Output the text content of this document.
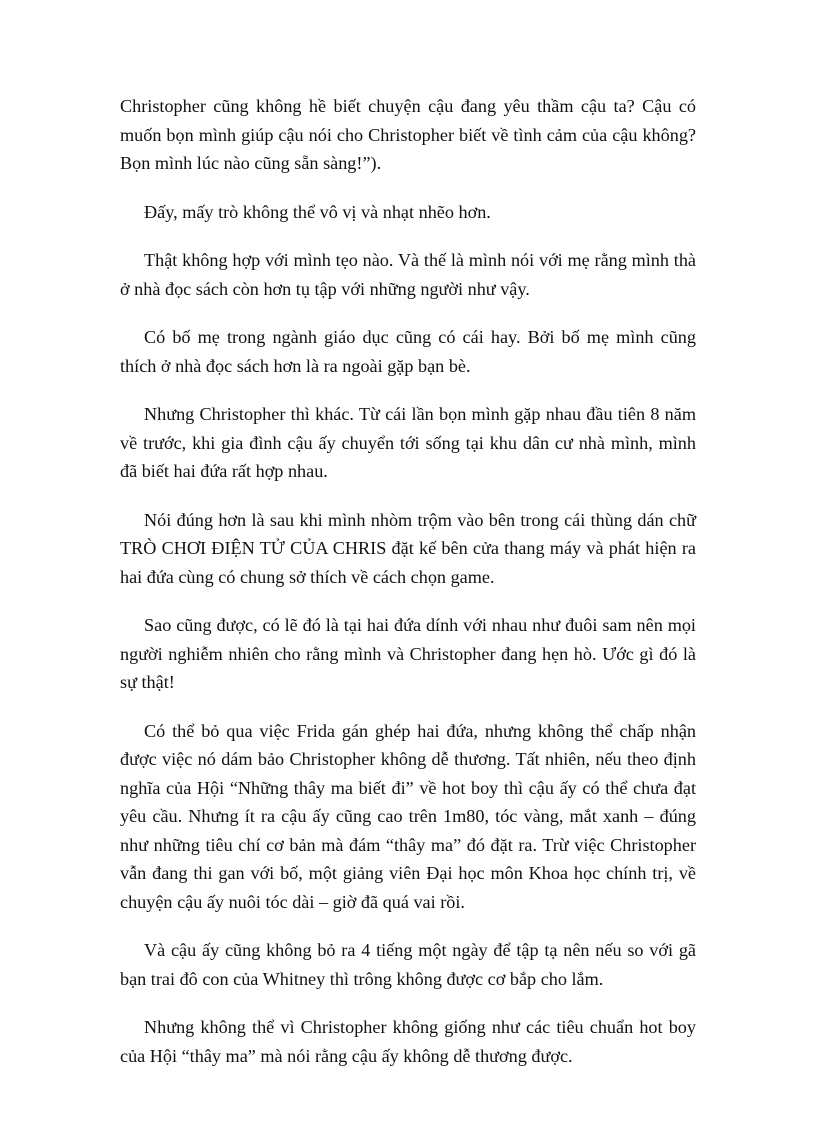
Christopher cũng không hề biết chuyện cậu đang yêu thầm cậu ta? Cậu có muốn bọn mình giúp cậu nói cho Christopher biết về tình cảm của cậu không? Bọn mình lúc nào cũng sẵn sàng!”).

Đấy, mấy trò không thể vô vị và nhạt nhẽo hơn.

Thật không hợp với mình tẹo nào. Và thế là mình nói với mẹ rằng mình thà ở nhà đọc sách còn hơn tụ tập với những người như vậy.

Có bố mẹ trong ngành giáo dục cũng có cái hay. Bởi bố mẹ mình cũng thích ở nhà đọc sách hơn là ra ngoài gặp bạn bè.

Nhưng Christopher thì khác. Từ cái lần bọn mình gặp nhau đầu tiên 8 năm về trước, khi gia đình cậu ấy chuyển tới sống tại khu dân cư nhà mình, mình đã biết hai đứa rất hợp nhau.

Nói đúng hơn là sau khi mình nhòm trộm vào bên trong cái thùng dán chữ TRÒ CHƠI ĐIỆN TỬ CỦA CHRIS đặt kế bên cửa thang máy và phát hiện ra hai đứa cùng có chung sở thích về cách chọn game.

Sao cũng được, có lẽ đó là tại hai đứa dính với nhau như đuôi sam nên mọi người nghiễm nhiên cho rằng mình và Christopher đang hẹn hò. Ước gì đó là sự thật!

Có thể bỏ qua việc Frida gán ghép hai đứa, nhưng không thể chấp nhận được việc nó dám bảo Christopher không dễ thương. Tất nhiên, nếu theo định nghĩa của Hội “Những thây ma biết đi” về hot boy thì cậu ấy có thể chưa đạt yêu cầu. Nhưng ít ra cậu ấy cũng cao trên 1m80, tóc vàng, mắt xanh – đúng như những tiêu chí cơ bản mà đám “thây ma” đó đặt ra. Trừ việc Christopher vẫn đang thi gan với bố, một giảng viên Đại học môn Khoa học chính trị, về chuyện cậu ấy nuôi tóc dài – giờ đã quá vai rồi.

Và cậu ấy cũng không bỏ ra 4 tiếng một ngày để tập tạ nên nếu so với gã bạn trai đô con của Whitney thì trông không được cơ bắp cho lắm.

Nhưng không thể vì Christopher không giống như các tiêu chuẩn hot boy của Hội “thây ma” mà nói rằng cậu ấy không dễ thương được.
